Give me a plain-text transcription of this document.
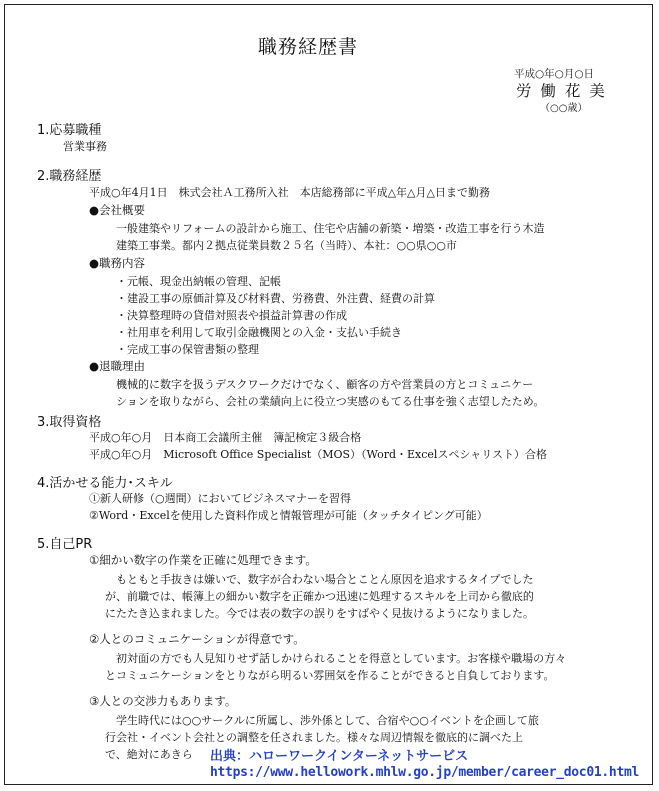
職務経歴書
平成○年○月○日
労 働 花 美
（○○歳）
1.応募職種
営業事務
2.職務経歴
平成○年4月1日　株式会社Ａ工務所入社　本店総務部に平成△年△月△日まで勤務
●会社概要
一般建築やリフォームの設計から施工、住宅や店舗の新築・増築・改造工事を行う木造
建築工事業。都内２拠点従業員数２５名（当時）、本社：○○県○○市
●職務内容
・元帳、現金出納帳の管理、記帳
・建設工事の原価計算及び材料費、労務費、外注費、経費の計算
・決算整理時の貸借対照表や損益計算書の作成
・社用車を利用して取引金融機関との入金・支払い手続き
・完成工事の保管書類の整理
●退職理由
機械的に数字を扱うデスクワークだけでなく、顧客の方や営業員の方とコミュニケー
ションを取りながら、会社の業績向上に役立つ実感のもてる仕事を強く志望したため。
3.取得資格
平成○年○月　日本商工会議所主催　簿記検定３級合格
平成○年○月　Microsoft Office Specialist（MOS）（Word・Excelスペシャリスト）合格
4.活かせる能力･スキル
①新人研修（○週間）においてビジネスマナーを習得
②Word・Excelを使用した資料作成と情報管理が可能（タッチタイピング可能）
5.自己PR
①細かい数字の作業を正確に処理できます。
もともと手抜きは嫌いで、数字が合わない場合とことん原因を追求するタイプでした
が、前職では、帳簿上の細かい数字を正確かつ迅速に処理するスキルを上司から徹底的
にたたき込まれました。今では表の数字の誤りをすばやく見抜けるようになりました。
②人とのコミュニケーションが得意です。
初対面の方でも人見知りせず話しかけられることを得意としています。お客様や職場の方々
とコミュニケーションをとりながら明るい雰囲気を作ることができると自負しております。
③人との交渉力もあります。
学生時代には○○サークルに所属し、渉外係として、合宿や○○イベントを企画して旅
行会社・イベント会社との調整を任されました。様々な周辺情報を徹底的に調べた上
で、絶対にあきら 出典：ハローワークインターネットサービス
https://www.hellowork.mhlw.go.jp/member/career_doc01.html
